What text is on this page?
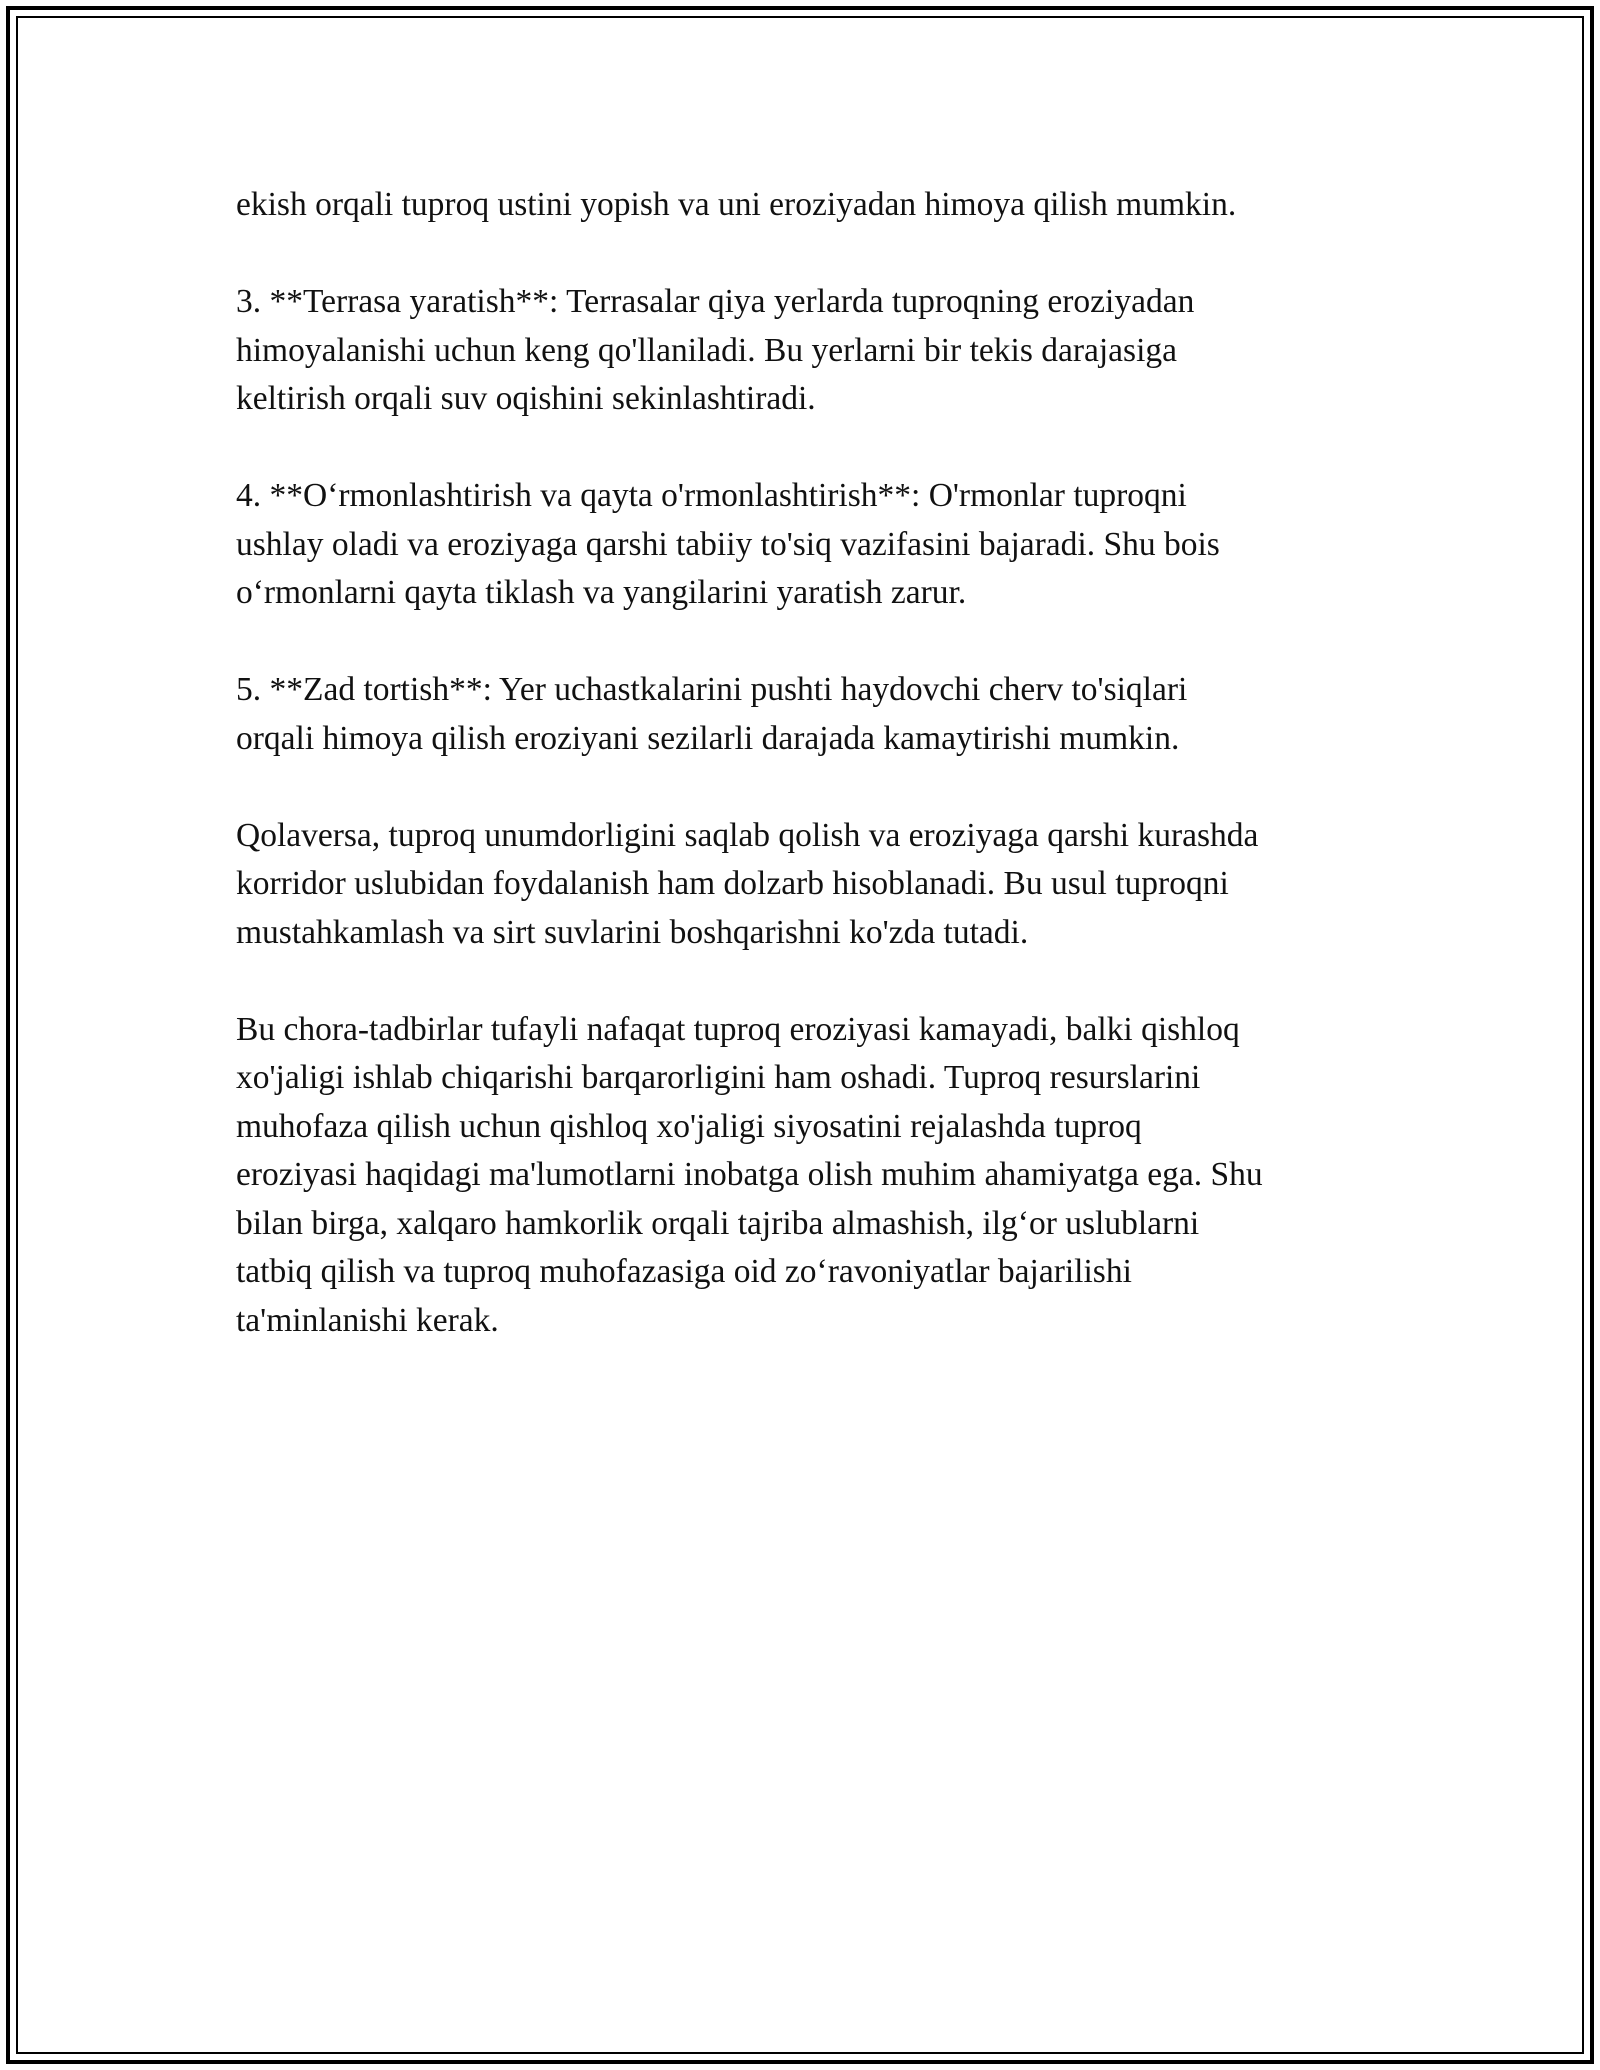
ekish orqali tuproq ustini yopish va uni eroziyadan himoya qilish mumkin.

3. **Terrasa yaratish**: Terrasalar qiya yerlarda tuproqning eroziyadan
himoyalanishi uchun keng qo'llaniladi. Bu yerlarni bir tekis darajasiga
keltirish orqali suv oqishini sekinlashtiradi.

4. **O‘rmonlashtirish va qayta o'rmonlashtirish**: O'rmonlar tuproqni
ushlay oladi va eroziyaga qarshi tabiiy to'siq vazifasini bajaradi. Shu bois
o‘rmonlarni qayta tiklash va yangilarini yaratish zarur.

5. **Zad tortish**: Yer uchastkalarini pushti haydovchi cherv to'siqlari
orqali himoya qilish eroziyani sezilarli darajada kamaytirishi mumkin.

Qolaversa, tuproq unumdorligini saqlab qolish va eroziyaga qarshi kurashda
korridor uslubidan foydalanish ham dolzarb hisoblanadi. Bu usul tuproqni
mustahkamlash va sirt suvlarini boshqarishni ko'zda tutadi.

Bu chora-tadbirlar tufayli nafaqat tuproq eroziyasi kamayadi, balki qishloq
xo'jaligi ishlab chiqarishi barqarorligini ham oshadi. Tuproq resurslarini
muhofaza qilish uchun qishloq xo'jaligi siyosatini rejalashda tuproq
eroziyasi haqidagi ma'lumotlarni inobatga olish muhim ahamiyatga ega. Shu
bilan birga, xalqaro hamkorlik orqali tajriba almashish, ilg‘or uslublarni
tatbiq qilish va tuproq muhofazasiga oid zo‘ravoniyatlar bajarilishi
ta'minlanishi kerak.
